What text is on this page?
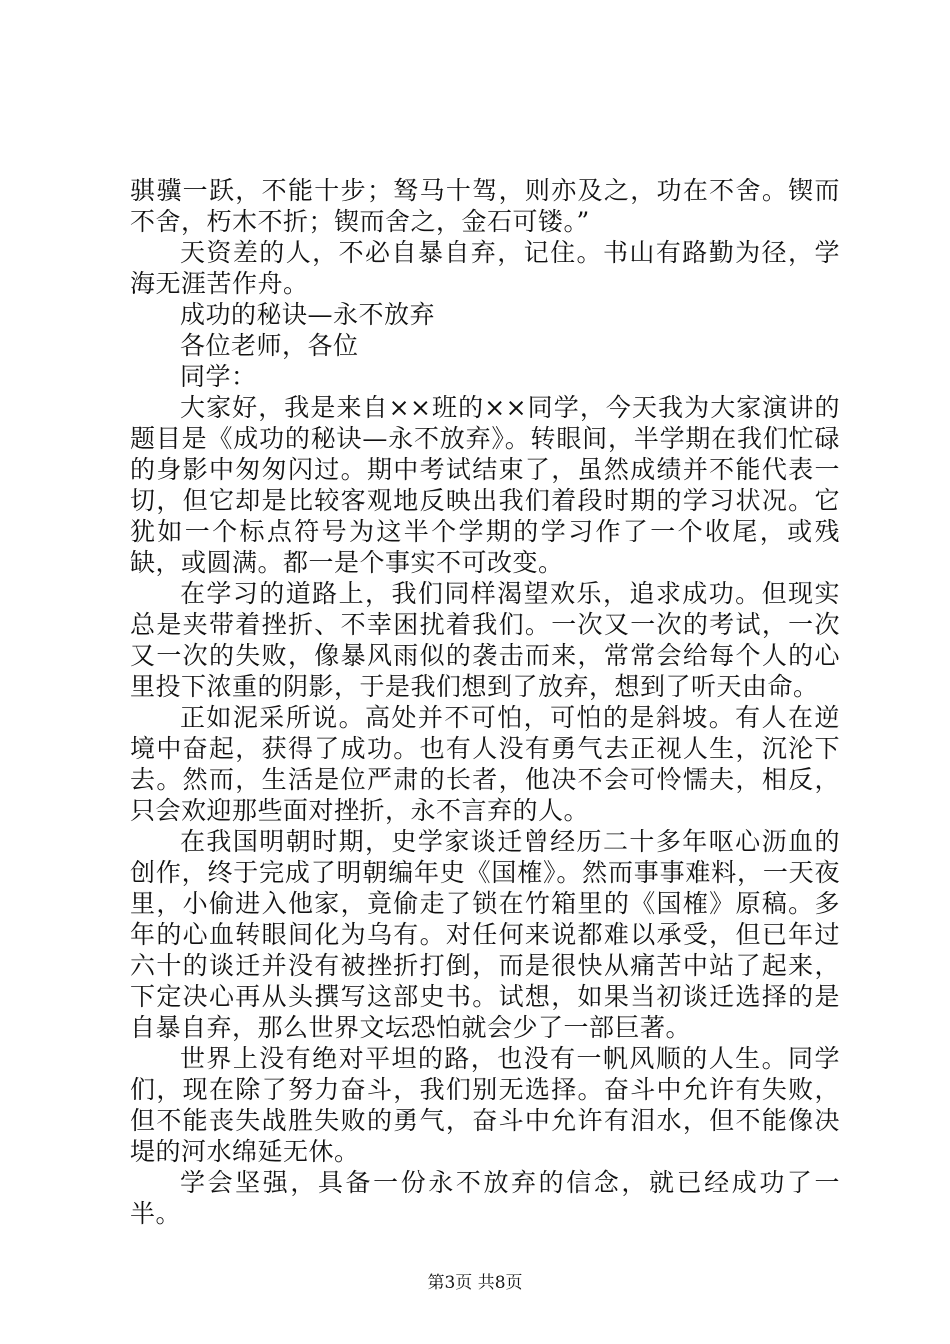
骐骥一跃，不能十步；驽马十驾，则亦及之，功在不舍。锲而不舍，朽木不折；锲而舍之，金石可镂。”

天资差的人，不必自暴自弃，记住。书山有路勤为径，学海无涯苦作舟。

成功的秘诀—永不放弃

各位老师，各位

同学：

大家好，我是来自××班的××同学，今天我为大家演讲的题目是《成功的秘诀—永不放弃》。转眼间，半学期在我们忙碌的身影中匆匆闪过。期中考试结束了，虽然成绩并不能代表一切，但它却是比较客观地反映出我们着段时期的学习状况。它犹如一个标点符号为这半个学期的学习作了一个收尾，或残缺，或圆满。都一是个事实不可改变。

在学习的道路上，我们同样渴望欢乐，追求成功。但现实总是夹带着挫折、不幸困扰着我们。一次又一次的考试，一次又一次的失败，像暴风雨似的袭击而来，常常会给每个人的心里投下浓重的阴影，于是我们想到了放弃，想到了听天由命。

正如泥采所说。高处并不可怕，可怕的是斜坡。有人在逆境中奋起，获得了成功。也有人没有勇气去正视人生，沉沦下去。然而，生活是位严肃的长者，他决不会可怜懦夫，相反，只会欢迎那些面对挫折，永不言弃的人。

在我国明朝时期，史学家谈迁曾经历二十多年呕心沥血的创作，终于完成了明朝编年史《国榷》。然而事事难料，一天夜里，小偷进入他家，竟偷走了锁在竹箱里的《国榷》原稿。多年的心血转眼间化为乌有。对任何来说都难以承受，但已年过六十的谈迁并没有被挫折打倒，而是很快从痛苦中站了起来，下定决心再从头撰写这部史书。试想，如果当初谈迁选择的是自暴自弃，那么世界文坛恐怕就会少了一部巨著。

世界上没有绝对平坦的路，也没有一帆风顺的人生。同学们，现在除了努力奋斗，我们别无选择。奋斗中允许有失败，但不能丧失战胜失败的勇气，奋斗中允许有泪水，但不能像决堤的河水绵延无休。

学会坚强，具备一份永不放弃的信念，就已经成功了一半。

第3页 共8页
